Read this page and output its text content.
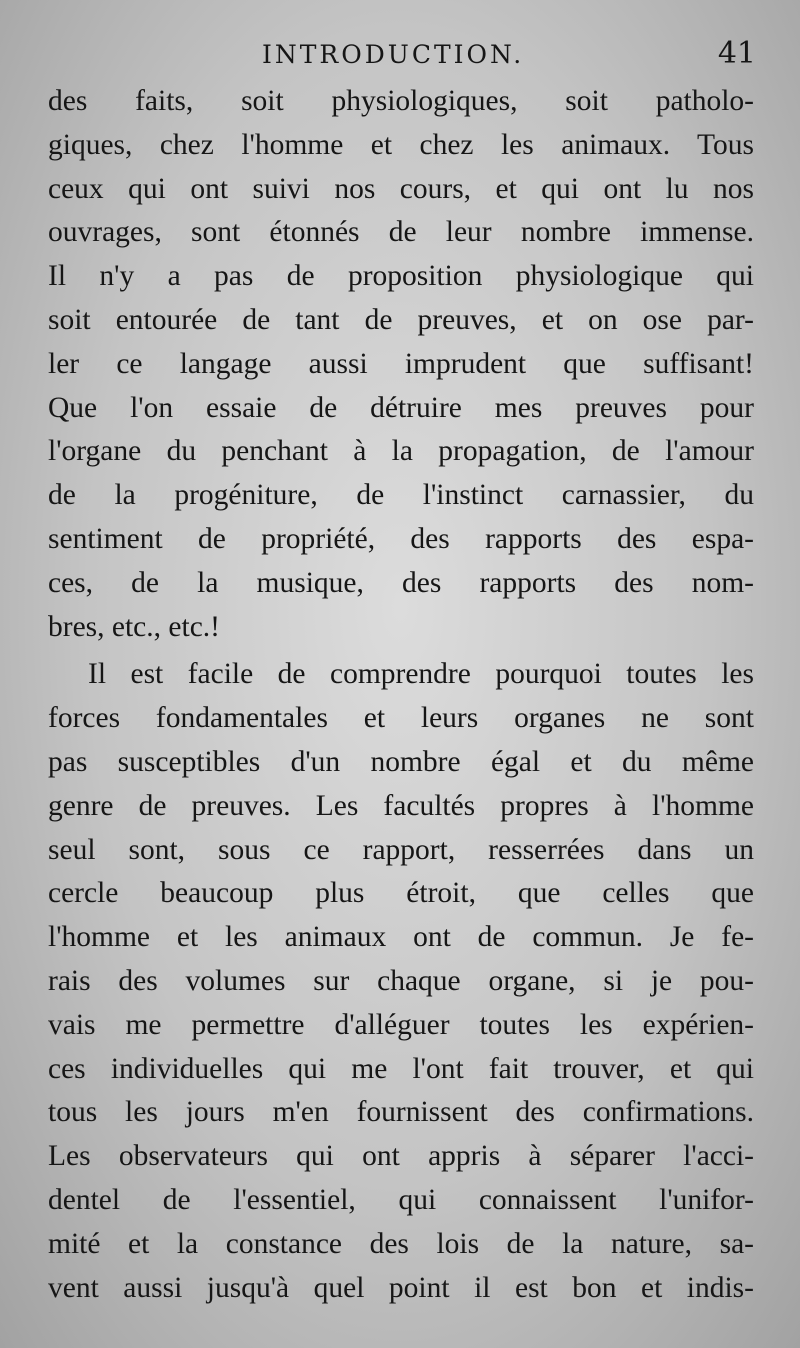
INTRODUCTION.	41
des faits, soit physiologiques, soit patholo-
giques, chez l'homme et chez les animaux. Tous
ceux qui ont suivi nos cours, et qui ont lu nos
ouvrages, sont étonnés de leur nombre immense.
Il n'y a pas de proposition physiologique qui
soit entourée de tant de preuves, et on ose par-
ler ce langage aussi imprudent que suffisant!
Que l'on essaie de détruire mes preuves pour
l'organe du penchant à la propagation, de l'amour
de la progéniture, de l'instinct carnassier, du
sentiment de propriété, des rapports des espa-
ces, de la musique, des rapports des nom-
bres, etc., etc.!
Il est facile de comprendre pourquoi toutes les
forces fondamentales et leurs organes ne sont
pas susceptibles d'un nombre égal et du même
genre de preuves. Les facultés propres à l'homme
seul sont, sous ce rapport, resserrées dans un
cercle beaucoup plus étroit, que celles que
l'homme et les animaux ont de commun. Je fe-
rais des volumes sur chaque organe, si je pou-
vais me permettre d'alléguer toutes les expérien-
ces individuelles qui me l'ont fait trouver, et qui
tous les jours m'en fournissent des confirmations.
Les observateurs qui ont appris à séparer l'acci-
dentel de l'essentiel, qui connaissent l'unifor-
mité et la constance des lois de la nature, sa-
vent aussi jusqu'à quel point il est bon et indis-
